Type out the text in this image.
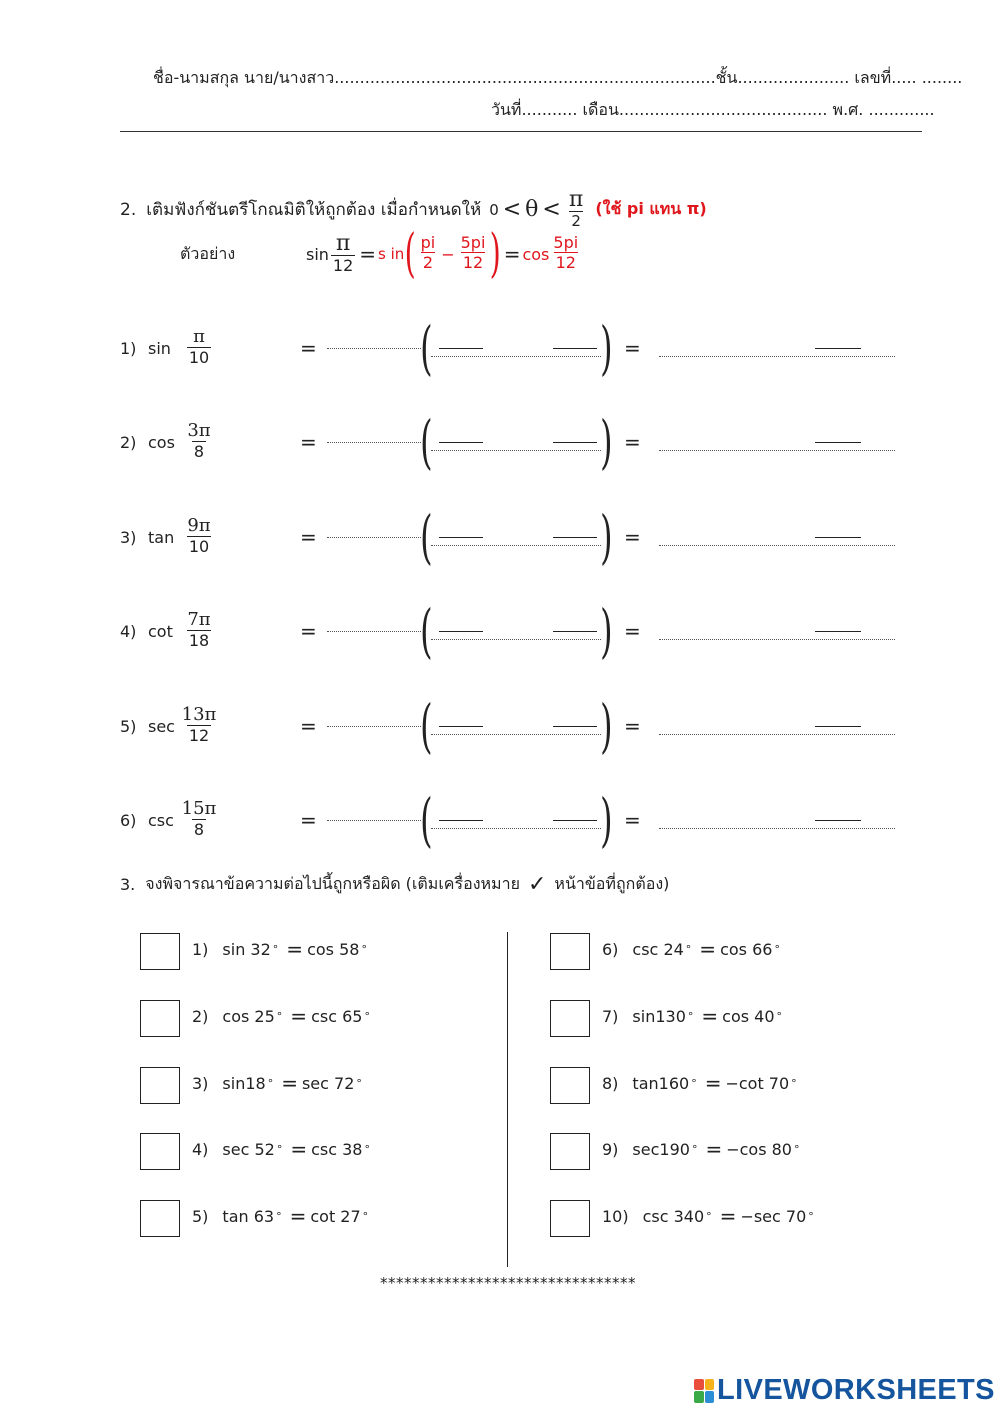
ชื่อ-นามสกุล นาย/นางสาว...........................................................................ชั้น...................... เลขที่..... ........
วันที่........... เดือน......................................... พ.ศ. .............
2. เติมฟังก์ชันตรีโกณมิติให้ถูกต้อง เมื่อกำหนดให้ $0 < \theta < \frac{\pi}{2}$ (ใช้ pi แทน π)
ตัวอย่าง	$\sin \frac{\pi}{12} = s$ in ( $\frac{pi}{2} - \frac{5pi}{12}$ ) = $\cos \frac{5pi}{12}$
1) $\sin \frac{\pi}{10}$	= (	) =
2) $\cos \frac{3\pi}{8}$	= (	) =
3) $\tan \frac{9\pi}{10}$	= (	) =
4) $\cot \frac{7\pi}{18}$	= (	) =
5) $\sec \frac{13\pi}{12}$	= (	) =
6) $\csc \frac{15\pi}{8}$	= (	) =
3. จงพิจารณาข้อความต่อไปนี้ถูกหรือผิด (เติมเครื่องหมาย ✓ หน้าข้อที่ถูกต้อง)
1) sin 32 ° = cos 58 °
2) cos 25 ° = csc 65 °
3) sin18 ° = sec 72 °
4) sec 52 ° = csc 38 °
5) tan 63 ° = cot 27 °
6) csc 24 ° = cos 66 °
7) sin130 ° = cos 40 °
8) tan160 ° = −cot 70 °
9) sec190 ° = −cos 80 °
10) csc 340 ° = −sec 70 °
********************************
LIVEWORKSHEETS
